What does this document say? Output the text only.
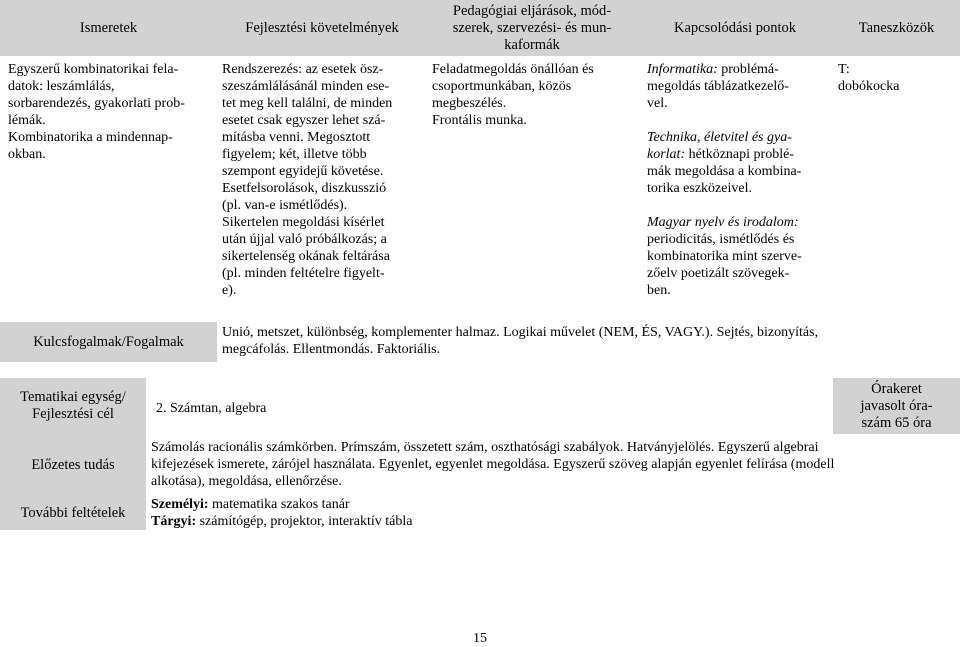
Ismeretek	Fejlesztési követelmények
Pedagógiai eljárások, mód-
szerek, szervezési- és mun-
kaformák
Kapcsolódási pontok	Taneszközök
Egyszerű kombinatorikai fela-
datok: leszámlálás,
sorbarendezés, gyakorlati prob-
lémák.
Kombinatorika a mindennap-
okban.
Rendszerezés: az esetek ösz-
szeszámlálásánál minden ese-
tet meg kell találni, de minden
esetet csak egyszer lehet szá-
mításba venni. Megosztott
figyelem; két, illetve több
szempont egyidejű követése.
Esetfelsorolások, diszkusszió
(pl. van-e ismétlődés).
Sikertelen megoldási kísérlet
után újjal való próbálkozás; a
sikertelenség okának feltárása
(pl. minden feltételre figyelt-
e).
Feladatmegoldás önállóan és
csoportmunkában, közös
megbeszélés.
Frontális munka.
Informatika: problémá-
megoldás táblázatkezelő-
vel.
Technika, életvitel és gya-
korlat: hétköznapi problé-
mák megoldása a kombina-
torika eszközeivel.
Magyar nyelv és irodalom:
periodicitás, ismétlődés és
kombinatorika mint szerve-
zőelv poetizált szövegek-
ben.
T:
dobókocka
Kulcsfogalmak/Fogalmak
Unió, metszet, különbség, komplementer halmaz. Logikai művelet (NEM, ÉS, VAGY.). Sejtés, bizonyítás,
megcáfolás. Ellentmondás. Faktoriális.
Tematikai egység/
Fejlesztési cél
Előzetes tudás
További feltételek
2. Számtan, algebra
Órakeret
javasolt óra-
szám 65 óra
Számolás racionális számkörben. Prímszám, összetett szám, oszthatósági szabályok. Hatványjelölés. Egyszerű algebrai
kifejezések ismerete, zárójel használata. Egyenlet, egyenlet megoldása. Egyszerű szöveg alapján egyenlet felírása (modell
alkotása), megoldása, ellenőrzése.
Személyi: matematika szakos tanár
Tárgyi: számítógép, projektor, interaktív tábla
15
